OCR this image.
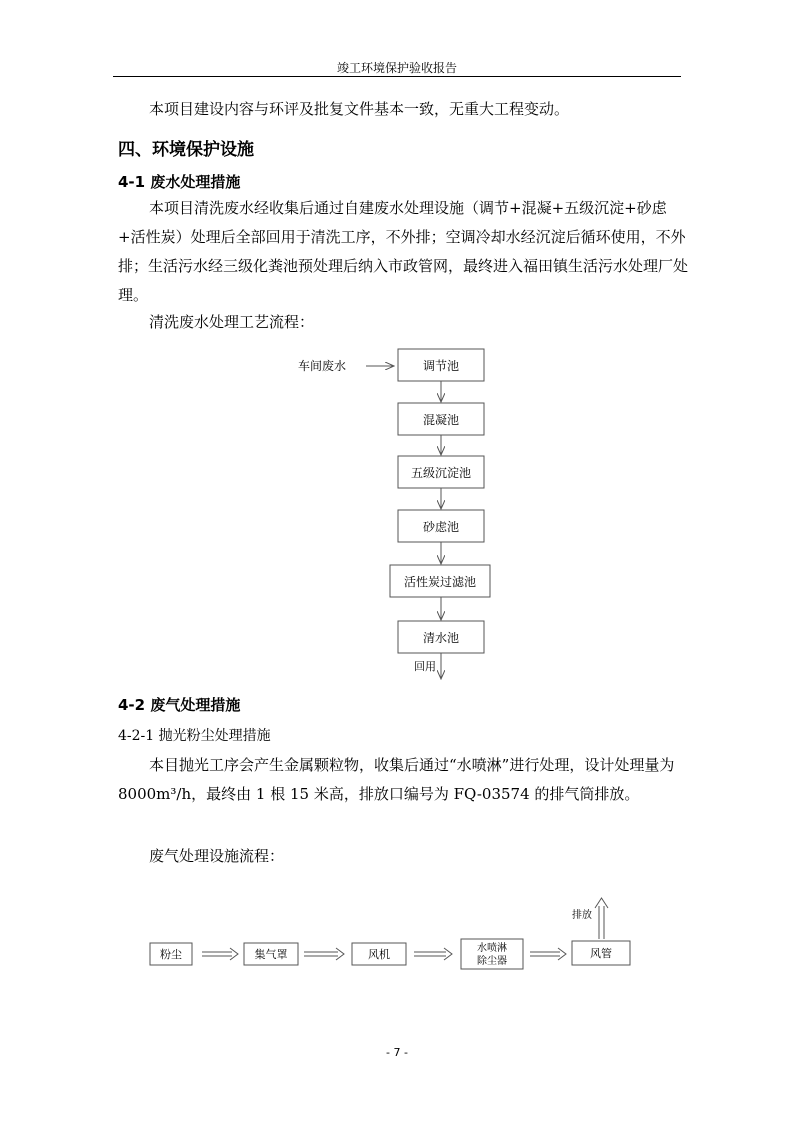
竣工环境保护验收报告

本项目建设内容与环评及批复文件基本一致，无重大工程变动。

四、环境保护设施
4-1 废水处理措施

本项目清洗废水经收集后通过自建废水处理设施（调节+混凝+五级沉淀+砂虑+活性炭）处理后全部回用于清洗工序，不外排；空调冷却水经沉淀后循环使用，不外排；生活污水经三级化粪池预处理后纳入市政管网，最终进入福田镇生活污水处理厂处理。

清洗废水处理工艺流程：

车间废水	调节池
混凝池
五级沉淀池
砂虑池
活性炭过滤池
清水池
回用
4-2 废气处理措施
4-2-1 抛光粉尘处理措施

本目抛光工序会产生金属颗粒物，收集后通过“水喷淋”进行处理，设计处理量为 8000m³/h，最终由 1 根 15 米高，排放口编号为 FQ-03574 的排气筒排放。

废气处理设施流程：

粉尘	集气罩	风机	水喷淋
除尘器
风管
排放
- 7 -
